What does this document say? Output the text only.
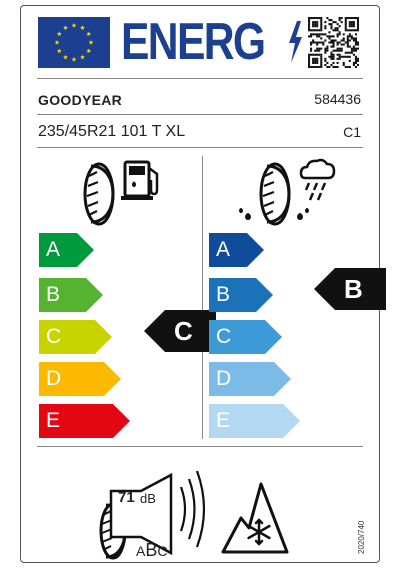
ENERG
GOODYEAR	584436
235/45R21 101 T XL	C1
A
B
C
D
E
C
A
B
C
D
E
B
71 dB
ABC	2020/740
